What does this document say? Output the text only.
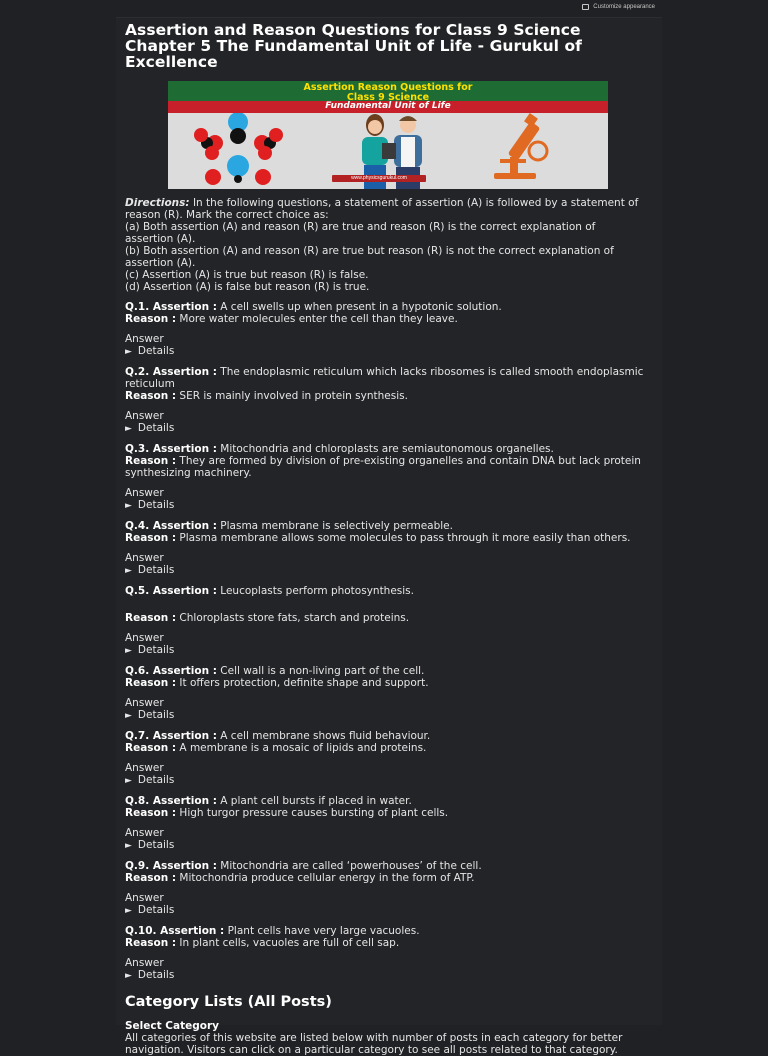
Customize appearance
Assertion and Reason Questions for Class 9 Science Chapter 5 The Fundamental Unit of Life - Gurukul of Excellence
Assertion Reason Questions for
Class 9 Science
Fundamental Unit of Life
www.physicsgurukul.com
Directions: In the following questions, a statement of assertion (A) is followed by a statement of reason (R). Mark the correct choice as:
(a) Both assertion (A) and reason (R) are true and reason (R) is the correct explanation of assertion (A).
(b) Both assertion (A) and reason (R) are true but reason (R) is not the correct explanation of assertion (A).
(c) Assertion (A) is true but reason (R) is false.
(d) Assertion (A) is false but reason (R) is true.
Q.1. Assertion : A cell swells up when present in a hypotonic solution.
Reason : More water molecules enter the cell than they leave.
Answer
► Details
Q.2. Assertion : The endoplasmic reticulum which lacks ribosomes is called smooth endoplasmic reticulum
Reason : SER is mainly involved in protein synthesis.
Answer
► Details
Q.3. Assertion : Mitochondria and chloroplasts are semiautonomous organelles.
Reason : They are formed by division of pre-existing organelles and contain DNA but lack protein synthesizing machinery.
Answer
► Details
Q.4. Assertion : Plasma membrane is selectively permeable.
Reason : Plasma membrane allows some molecules to pass through it more easily than others.
Answer
► Details
Q.5. Assertion : Leucoplasts perform photosynthesis.
Reason : Chloroplasts store fats, starch and proteins.
Answer
► Details
Q.6. Assertion : Cell wall is a non-living part of the cell.
Reason : It offers protection, definite shape and support.
Answer
► Details
Q.7. Assertion : A cell membrane shows fluid behaviour.
Reason : A membrane is a mosaic of lipids and proteins.
Answer
► Details
Q.8. Assertion : A plant cell bursts if placed in water.
Reason : High turgor pressure causes bursting of plant cells.
Answer
► Details
Q.9. Assertion : Mitochondria are called ‘powerhouses’ of the cell.
Reason : Mitochondria produce cellular energy in the form of ATP.
Answer
► Details
Q.10. Assertion : Plant cells have very large vacuoles.
Reason : In plant cells, vacuoles are full of cell sap.
Answer
► Details
Category Lists (All Posts)
Select Category
All categories of this website are listed below with number of posts in each category for better navigation. Visitors can click on a particular category to see all posts related to that category.
